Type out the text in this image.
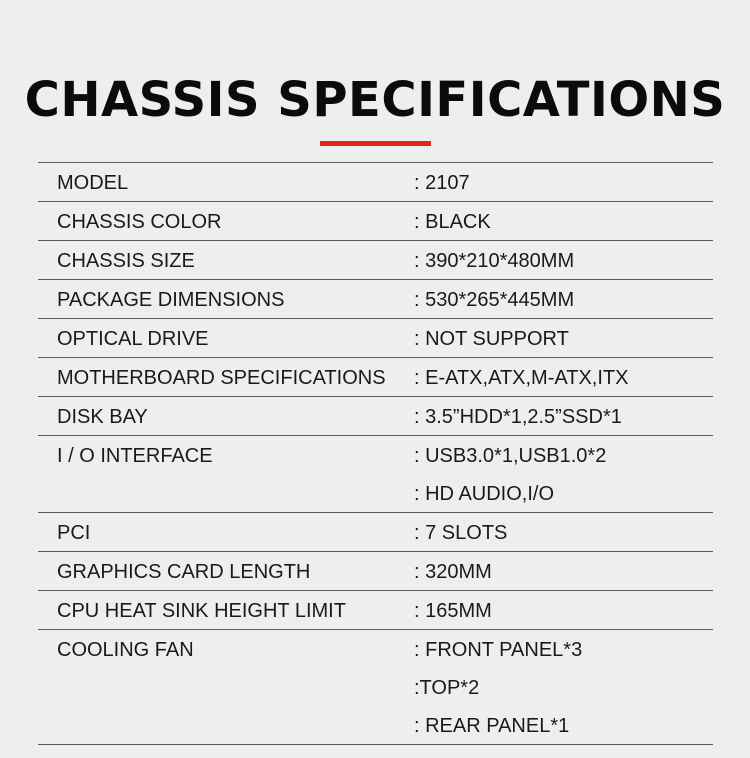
CHASSIS SPECIFICATIONS
MODEL	: 2107
CHASSIS COLOR	: BLACK
CHASSIS SIZE	: 390*210*480MM
PACKAGE DIMENSIONS	: 530*265*445MM
OPTICAL DRIVE	: NOT SUPPORT
MOTHERBOARD SPECIFICATIONS : E-ATX,ATX,M-ATX,ITX
DISK BAY	: 3.5”HDD*1,2.5”SSD*1
I / O INTERFACE	: USB3.0*1,USB1.0*2
: HD AUDIO,I/O
PCI	: 7 SLOTS
GRAPHICS CARD LENGTH	: 320MM
CPU HEAT SINK HEIGHT LIMIT	: 165MM
COOLING FAN	: FRONT PANEL*3
:TOP*2
: REAR PANEL*1
